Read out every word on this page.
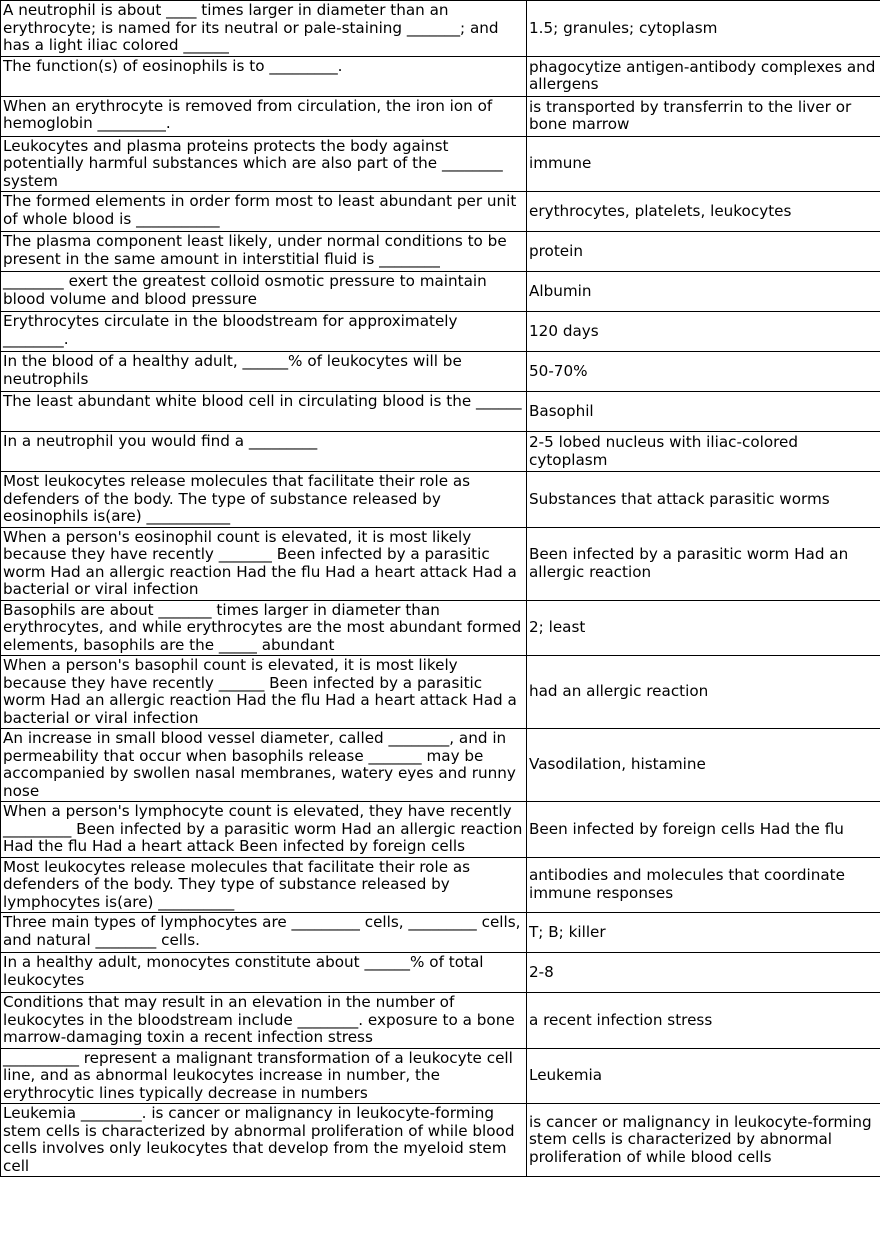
A neutrophil is about ____ times larger in diameter than an erythrocyte; is named for its neutral or pale-staining _______; and has a light iliac colored ______	1.5; granules; cytoplasm
The function(s) of eosinophils is to _________.	phagocytize antigen-antibody complexes and allergens
When an erythrocyte is removed from circulation, the iron ion of hemoglobin _________.	is transported by transferrin to the liver or bone marrow
Leukocytes and plasma proteins protects the body against potentially harmful substances which are also part of the ________ system	immune
The formed elements in order form most to least abundant per unit of whole blood is ___________	erythrocytes, platelets, leukocytes
The plasma component least likely, under normal conditions to be present in the same amount in interstitial fluid is ________	protein
________ exert the greatest colloid osmotic pressure to maintain blood volume and blood pressure	Albumin
Erythrocytes circulate in the bloodstream for approximately ________.	120 days
In the blood of a healthy adult, ______% of leukocytes will be neutrophils	50-70%
The least abundant white blood cell in circulating blood is the ______	Basophil
In a neutrophil you would find a _________	2-5 lobed nucleus with iliac-colored cytoplasm
Most leukocytes release molecules that facilitate their role as defenders of the body. The type of substance released by eosinophils is(are) ___________	Substances that attack parasitic worms
When a person's eosinophil count is elevated, it is most likely because they have recently _______ Been infected by a parasitic worm Had an allergic reaction Had the flu Had a heart attack Had a bacterial or viral infection	Been infected by a parasitic worm Had an allergic reaction
Basophils are about _______ times larger in diameter than erythrocytes, and while erythrocytes are the most abundant formed elements, basophils are the _____ abundant	2; least
When a person's basophil count is elevated, it is most likely because they have recently ______ Been infected by a parasitic worm Had an allergic reaction Had the flu Had a heart attack Had a bacterial or viral infection	had an allergic reaction
An increase in small blood vessel diameter, called ________, and in permeability that occur when basophils release _______ may be accompanied by swollen nasal membranes, watery eyes and runny nose	Vasodilation, histamine
When a person's lymphocyte count is elevated, they have recently _________ Been infected by a parasitic worm Had an allergic reaction Had the flu Had a heart attack Been infected by foreign cells	Been infected by foreign cells Had the flu
Most leukocytes release molecules that facilitate their role as defenders of the body. They type of substance released by lymphocytes is(are) __________	antibodies and molecules that coordinate immune responses
Three main types of lymphocytes are _________ cells, _________ cells, and natural ________ cells.	T; B; killer
In a healthy adult, monocytes constitute about ______% of total leukocytes	2-8
Conditions that may result in an elevation in the number of leukocytes in the bloodstream include ________. exposure to a bone marrow-damaging toxin a recent infection stress	a recent infection stress
__________ represent a malignant transformation of a leukocyte cell line, and as abnormal leukocytes increase in number, the erythrocytic lines typically decrease in numbers	Leukemia
Leukemia ________. is cancer or malignancy in leukocyte-forming stem cells is characterized by abnormal proliferation of while blood cells involves only leukocytes that develop from the myeloid stem cell	is cancer or malignancy in leukocyte-forming stem cells is characterized by abnormal proliferation of while blood cells
